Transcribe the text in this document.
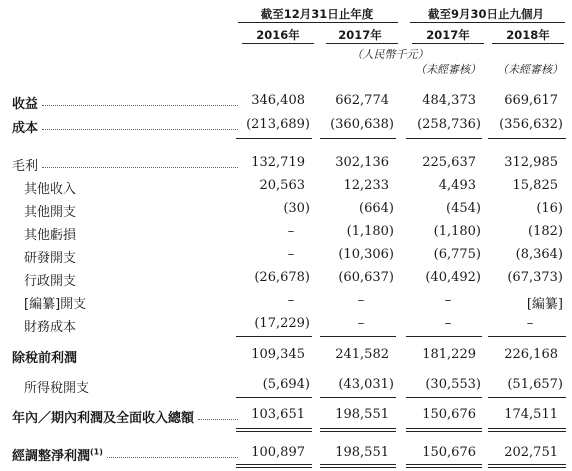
截至12月31日止年度	截至9月30日止九個月
2016年	2017年	2017年	2018年
（人民幣千元）
（未經審核）	（未經審核）
收益	346,408	662,774	484,373	669,617
成本	(213,689)	(360,638)	(258,736)	(356,632)
毛利	132,719	302,136	225,637	312,985
其他收入	20,563	12,233	4,493	15,825
其他開支	(30)	(664)	(454)	(16)
其他虧損	–	(1,180)	(1,180)	(182)
研發開支	–	(10,306)	(6,775)	(8,364)
行政開支	(26,678)	(60,637)	(40,492)	(67,373)
[編纂]開支	–	–	–	[編纂]
財務成本	(17,229)	–	–	–
除稅前利潤	109,345	241,582	181,229	226,168
所得稅開支	(5,694)	(43,031)	(30,553)	(51,657)
年內／期內利潤及全面收入總額	103,651	198,551	150,676	174,511
經調整淨利潤$^{(1)}$	100,897	198,551	150,676	202,751
